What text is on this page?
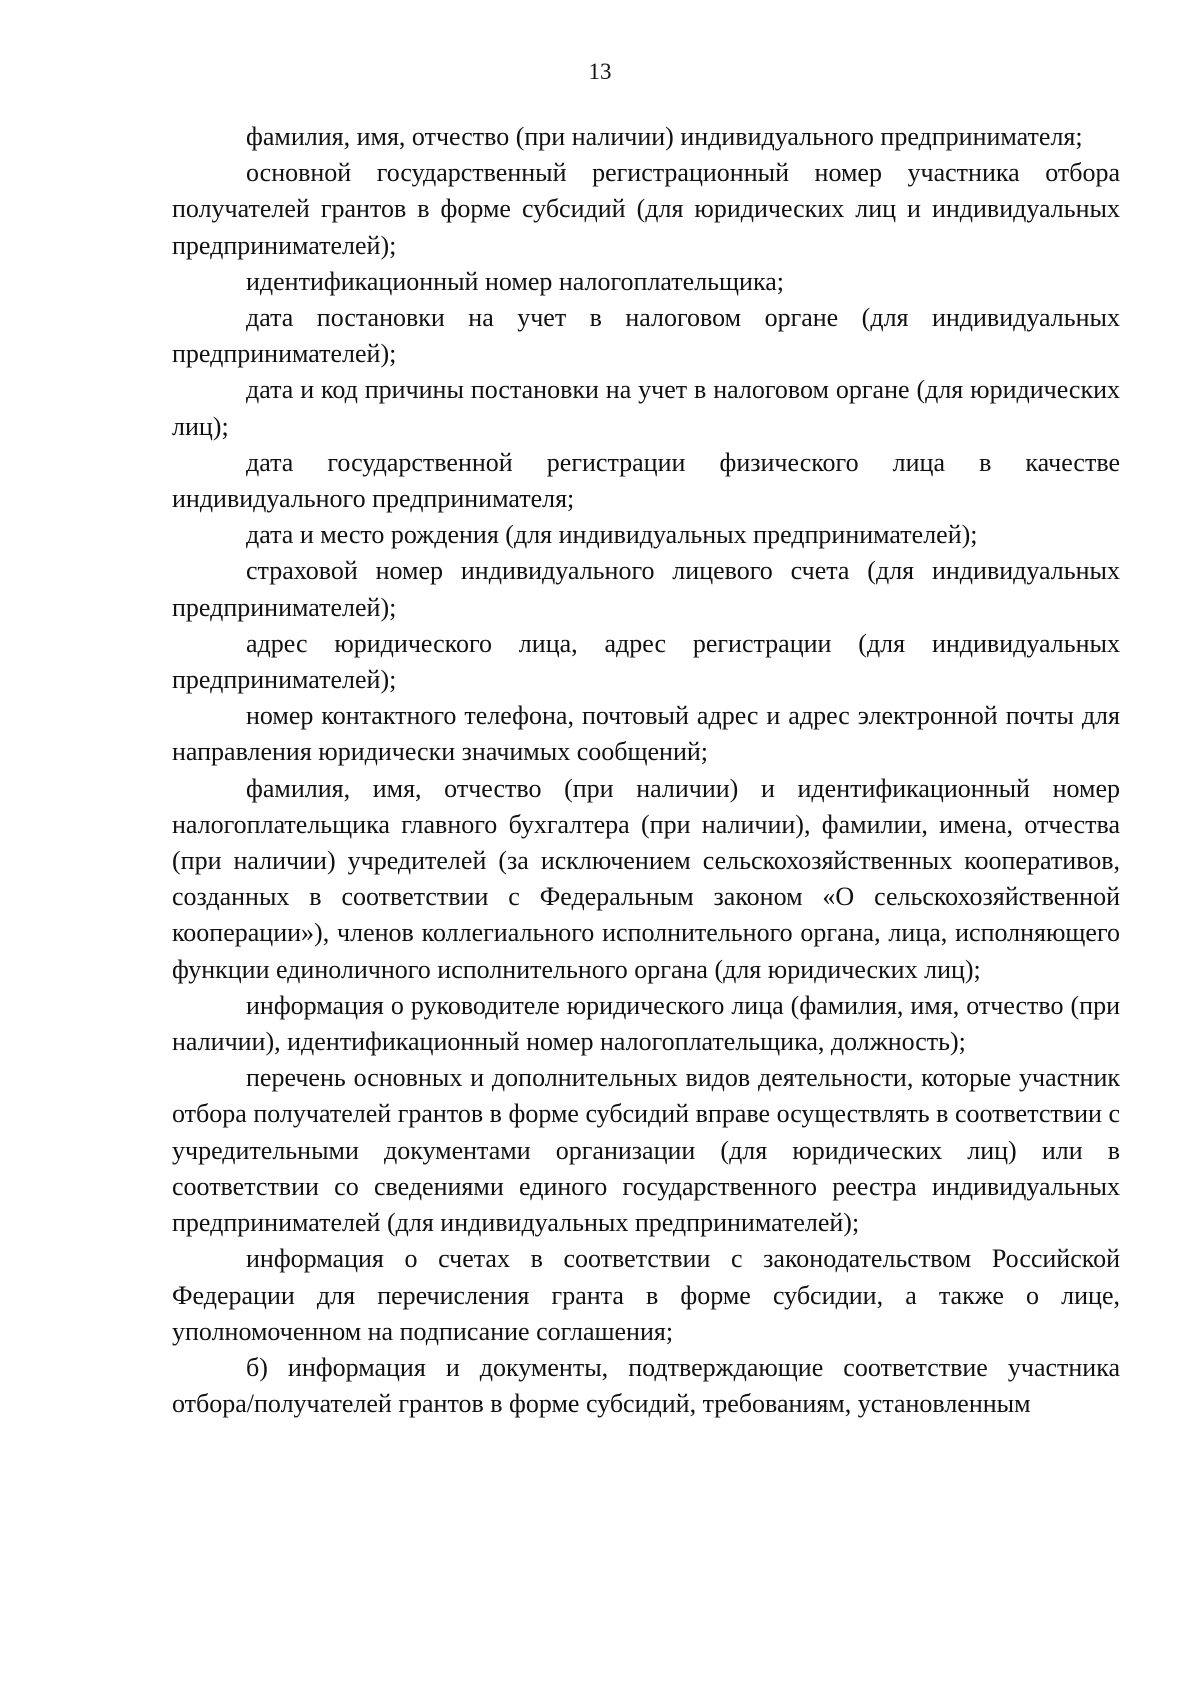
13

фамилия, имя, отчество (при наличии) индивидуального предпринимателя;

основной государственный регистрационный номер участника отбора получателей грантов в форме субсидий (для юридических лиц и индивидуальных предпринимателей);

идентификационный номер налогоплательщика;

дата постановки на учет в налоговом органе (для индивидуальных предпринимателей);

дата и код причины постановки на учет в налоговом органе (для юридических лиц);

дата государственной регистрации физического лица в качестве индивидуального предпринимателя;

дата и место рождения (для индивидуальных предпринимателей);

страховой номер индивидуального лицевого счета (для индивидуальных предпринимателей);

адрес юридического лица, адрес регистрации (для индивидуальных предпринимателей);

номер контактного телефона, почтовый адрес и адрес электронной почты для направления юридически значимых сообщений;

фамилия, имя, отчество (при наличии) и идентификационный номер налогоплательщика главного бухгалтера (при наличии), фамилии, имена, отчества (при наличии) учредителей (за исключением сельскохозяйственных кооперативов, созданных в соответствии с Федеральным законом «О сельскохозяйственной кооперации»), членов коллегиального исполнительного органа, лица, исполняющего функции единоличного исполнительного органа (для юридических лиц);

информация о руководителе юридического лица (фамилия, имя, отчество (при наличии), идентификационный номер налогоплательщика, должность);

перечень основных и дополнительных видов деятельности, которые участник отбора получателей грантов в форме субсидий вправе осуществлять в соответствии с учредительными документами организации (для юридических лиц) или в соответствии со сведениями единого государственного реестра индивидуальных предпринимателей (для индивидуальных предпринимателей);

информация о счетах в соответствии с законодательством Российской Федерации для перечисления гранта в форме субсидии, а также о лице, уполномоченном на подписание соглашения;

б) информация и документы, подтверждающие соответствие участника отбора/получателей грантов в форме субсидий, требованиям, установленным
